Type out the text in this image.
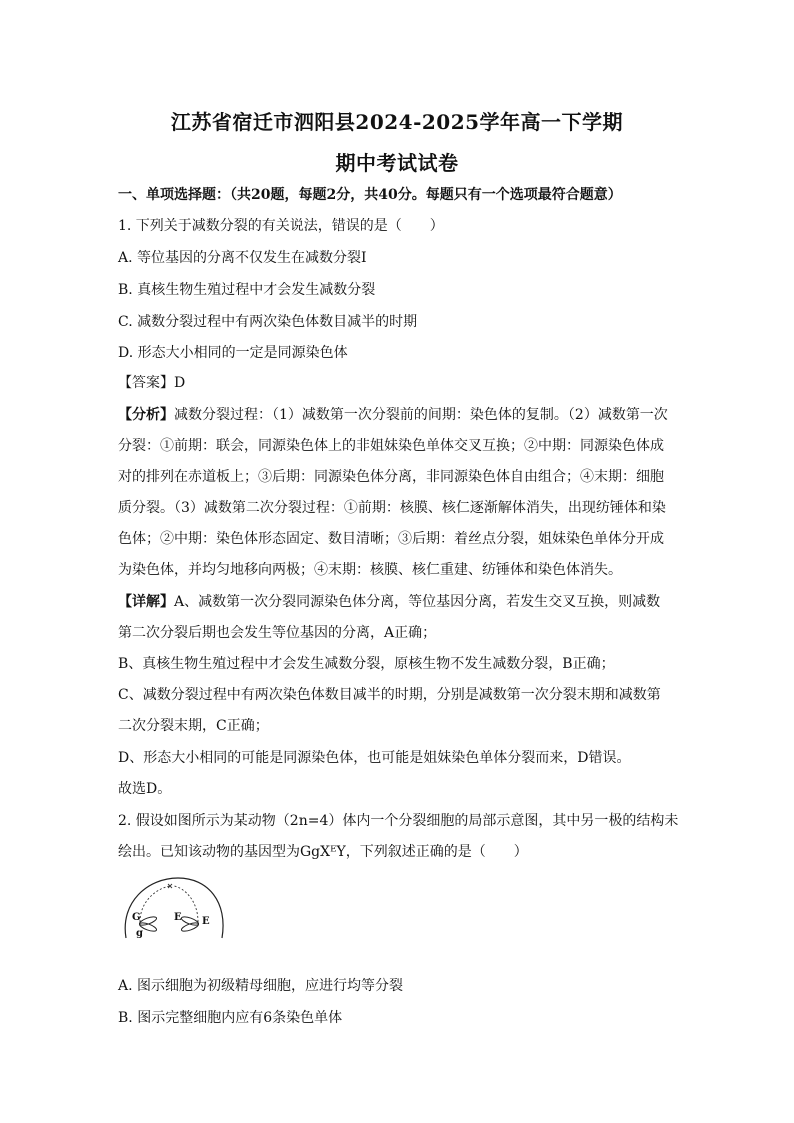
江苏省宿迁市泗阳县2024-2025学年高一下学期
期中考试试卷
一、单项选择题：（共20题，每题2分，共40分。每题只有一个选项最符合题意）
1. 下列关于减数分裂的有关说法，错误的是（　　）
A. 等位基因的分离不仅发生在减数分裂Ⅰ
B. 真核生物生殖过程中才会发生减数分裂
C. 减数分裂过程中有两次染色体数目减半的时期
D. 形态大小相同的一定是同源染色体
【答案】D
【分析】减数分裂过程：（1）减数第一次分裂前的间期：染色体的复制。（2）减数第一次
分裂：①前期：联会，同源染色体上的非姐妹染色单体交叉互换；②中期：同源染色体成
对的排列在赤道板上；③后期：同源染色体分离，非同源染色体自由组合；④末期：细胞
质分裂。（3）减数第二次分裂过程：①前期：核膜、核仁逐渐解体消失，出现纺锤体和染
色体；②中期：染色体形态固定、数目清晰；③后期：着丝点分裂，姐妹染色单体分开成
为染色体，并均匀地移向两极；④末期：核膜、核仁重建、纺锤体和染色体消失。
【详解】A、减数第一次分裂同源染色体分离，等位基因分离，若发生交叉互换，则减数
第二次分裂后期也会发生等位基因的分离，A正确；
B、真核生物生殖过程中才会发生减数分裂，原核生物不发生减数分裂，B正确；
C、减数分裂过程中有两次染色体数目减半的时期，分别是减数第一次分裂末期和减数第
二次分裂末期，C正确；
D、形态大小相同的可能是同源染色体，也可能是姐妹染色单体分裂而来，D错误。
故选D。
2. 假设如图所示为某动物（2n=4）体内一个分裂细胞的局部示意图，其中另一极的结构未
绘出。已知该动物的基因型为GgXᴱY，下列叙述正确的是（　　）
G
g
E E
A. 图示细胞为初级精母细胞，应进行均等分裂
B. 图示完整细胞内应有6条染色单体
